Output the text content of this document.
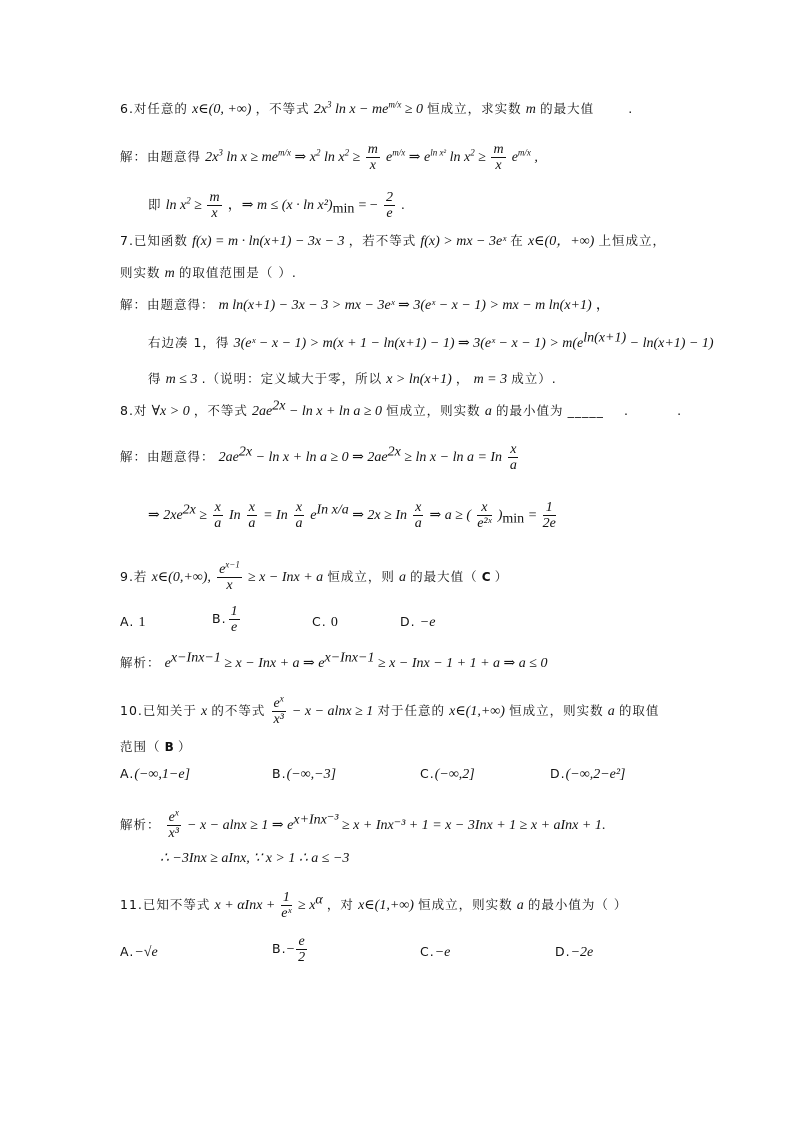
6.对任意的 x∈(0, +∞) ，不等式 $2x^3$ $\ln x - me^{m/x} \ge 0$ 恒成立，求实数 m 的最大值	.
解：由题意得 $2x^3$ $\ln x \ge me^{m/x}$ ⇒ $x^2$ $\ln x^2 \ge \frac{m}{x} e^{m/x}$ ⇒ $e^{ln x^2}$ $\ln x^2 \ge \frac{m}{x} e^{m/x}$ ,
即 $\ln x^2 \ge \frac{m}{x}$ ，⇒ $m \le (x \cdot \ln x^2)_{min}$ = − $\frac{2}{e}$ .
7.已知函数 f(x) = m · ln(x+1) − 3x − 3 ，若不等式 f(x) > mx − 3eˣ 在 x∈(0，+∞) 上恒成立，
则实数 m 的取值范围是（ ）.
解：由题意得： m ln(x+1) − 3x − 3 > mx − 3eˣ ⇒ 3(eˣ − x − 1) > mx − m ln(x+1) ，
右边凑 1，得 3(eˣ − x − 1) > m(x + 1 − ln(x+1) − 1) ⇒ 3(eˣ − $x - 1) > m(e^{ln(x+1)} - \ln(x+1) - 1)$
得 m ≤ 3 .（说明：定义域大于零，所以 x > ln(x+1) ， m = 3 成立）.
8.对 ∀x > 0 ，不等式 $2ae^{2x} - \ln x + \ln a \ge 0$ 恒成立，则实数 a 的最小值为 _____ .	.
解：由题意得： $2ae^{2x} - \ln x + \ln a \ge 0$ ⇒ $2ae^{2x} \ge \ln x - \ln a = In \frac{x}{a}$
⇒ $2xe^{2x} \ge \frac{x}{a}$ In $\frac{x}{a} = In \frac{x}{a} e^{In x/a}$ ⇒ 2x ≥ In $\frac{x}{a}$ ⇒ a ≥ ( $\frac{x}{\text{e²ˣ}} )_{min} = \frac{1}{2e}$
9.若 x∈(0,+∞), $\frac{e^{x-1}}{x} \ge x$ − Inx + a 恒成立，则 a 的最大值（ C ）
A. 1	B. $\frac{1}{e}$	C. 0	D. −e
解析： $e^{x-Inx-1} \ge x$ − Inx + a ⇒ $e^{x-Inx-1} \ge x$ − Inx − 1 + 1 + a ⇒ a ≤ 0
10.已知关于 x 的不等式 $\frac{e^x}{\text{x³}} - x - alnx \ge 1$ 对于任意的 x∈(1,+∞) 恒成立，则实数 a 的取值
范围（ B ）
A.(−∞,1−e]	B.(−∞,−3]	C.(−∞,2]	D.(−∞,2−e²]
解析： $\frac{e^x}{\text{x³}} - x - alnx \ge 1$ ⇒ $e^{x+Inx^{-3}} \ge x + Inx^{-3} + 1 = x - 3Inx + 1 \ge x$ + aInx + 1.
∴ −3Inx ≥ aInx, ∵ x > 1 ∴ a ≤ −3
11.已知不等式 $x + \alpha Inx + \frac{1}{\text{eˣ}} \ge x^\alpha$ ，对 x∈(1,+∞) 恒成立，则实数 a 的最小值为（ ）
A.−√e	$B.- \frac{e}{2}$	C.−e	D.−2e
